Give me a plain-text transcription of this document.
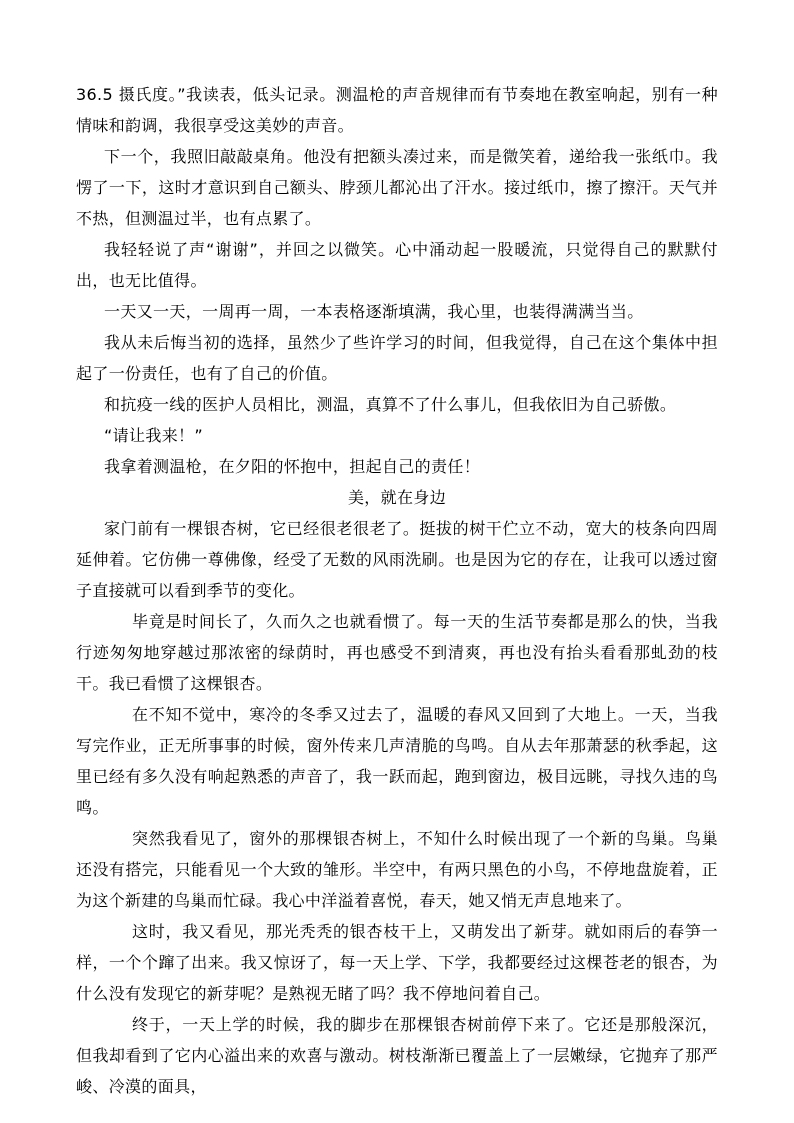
36.5 摄氏度。”我读表，低头记录。测温枪的声音规律而有节奏地在教室响起，别有一种情味和韵调，我很享受这美妙的声音。

下一个，我照旧敲敲桌角。他没有把额头凑过来，而是微笑着，递给我一张纸巾。我愣了一下，这时才意识到自己额头、脖颈儿都沁出了汗水。接过纸巾，擦了擦汗。天气并不热，但测温过半，也有点累了。

我轻轻说了声“谢谢”，并回之以微笑。心中涌动起一股暖流，只觉得自己的默默付出，也无比值得。

一天又一天，一周再一周，一本表格逐渐填满，我心里，也装得满满当当。

我从未后悔当初的选择，虽然少了些许学习的时间，但我觉得，自己在这个集体中担起了一份责任，也有了自己的价值。

和抗疫一线的医护人员相比，测温，真算不了什么事儿，但我依旧为自己骄傲。

“请让我来！”

我拿着测温枪，在夕阳的怀抱中，担起自己的责任！

美，就在身边

家门前有一棵银杏树，它已经很老很老了。挺拔的树干伫立不动，宽大的枝条向四周延伸着。它仿佛一尊佛像，经受了无数的风雨洗刷。也是因为它的存在，让我可以透过窗子直接就可以看到季节的变化。

毕竟是时间长了，久而久之也就看惯了。每一天的生活节奏都是那么的快，当我行迹匆匆地穿越过那浓密的绿荫时，再也感受不到清爽，再也没有抬头看看那虬劲的枝干。我已看惯了这棵银杏。

在不知不觉中，寒冷的冬季又过去了，温暖的春风又回到了大地上。一天，当我写完作业，正无所事事的时候，窗外传来几声清脆的鸟鸣。自从去年那萧瑟的秋季起，这里已经有多久没有响起熟悉的声音了，我一跃而起，跑到窗边，极目远眺，寻找久违的鸟鸣。

突然我看见了，窗外的那棵银杏树上，不知什么时候出现了一个新的鸟巢。鸟巢还没有搭完，只能看见一个大致的雏形。半空中，有两只黑色的小鸟，不停地盘旋着，正为这个新建的鸟巢而忙碌。我心中洋溢着喜悦，春天，她又悄无声息地来了。

这时，我又看见，那光秃秃的银杏枝干上，又萌发出了新芽。就如雨后的春笋一样，一个个蹿了出来。我又惊讶了，每一天上学、下学，我都要经过这棵苍老的银杏，为什么没有发现它的新芽呢？是熟视无睹了吗？我不停地问着自己。

终于，一天上学的时候，我的脚步在那棵银杏树前停下来了。它还是那般深沉，但我却看到了它内心溢出来的欢喜与激动。树枝渐渐已覆盖上了一层嫩绿，它抛弃了那严峻、冷漠的面具，
